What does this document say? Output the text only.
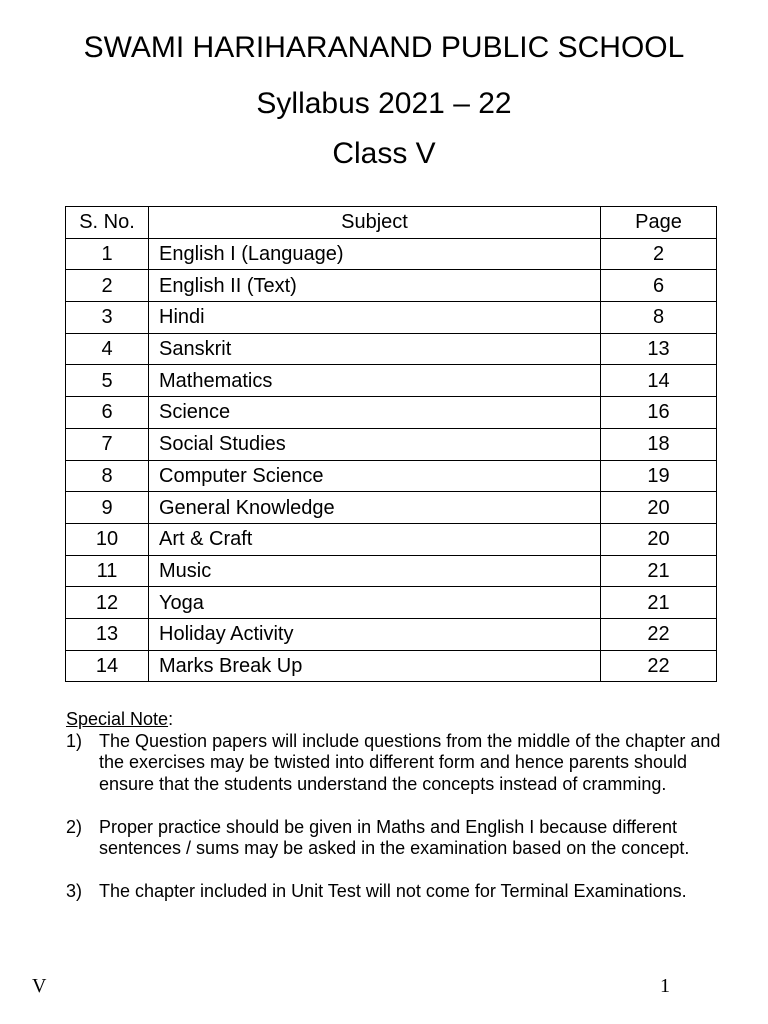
SWAMI HARIHARANAND PUBLIC SCHOOL
Syllabus 2021 – 22
Class V
S. No.	Subject	Page
1	English I (Language)	2
2	English II (Text)	6
3	Hindi	8
4	Sanskrit	13
5	Mathematics	14
6	Science	16
7	Social Studies	18
8	Computer Science	19
9	General Knowledge	20
10	Art & Craft	20
11	Music	21
12	Yoga	21
13	Holiday Activity	22
14	Marks Break Up	22
Special Note:
1) The Question papers will include questions from the middle of the chapter and the exercises may be twisted into different form and hence parents should ensure that the students understand the concepts instead of cramming.
2) Proper practice should be given in Maths and English I because different sentences / sums may be asked in the examination based on the concept.
3) The chapter included in Unit Test will not come for Terminal Examinations.
V	1
